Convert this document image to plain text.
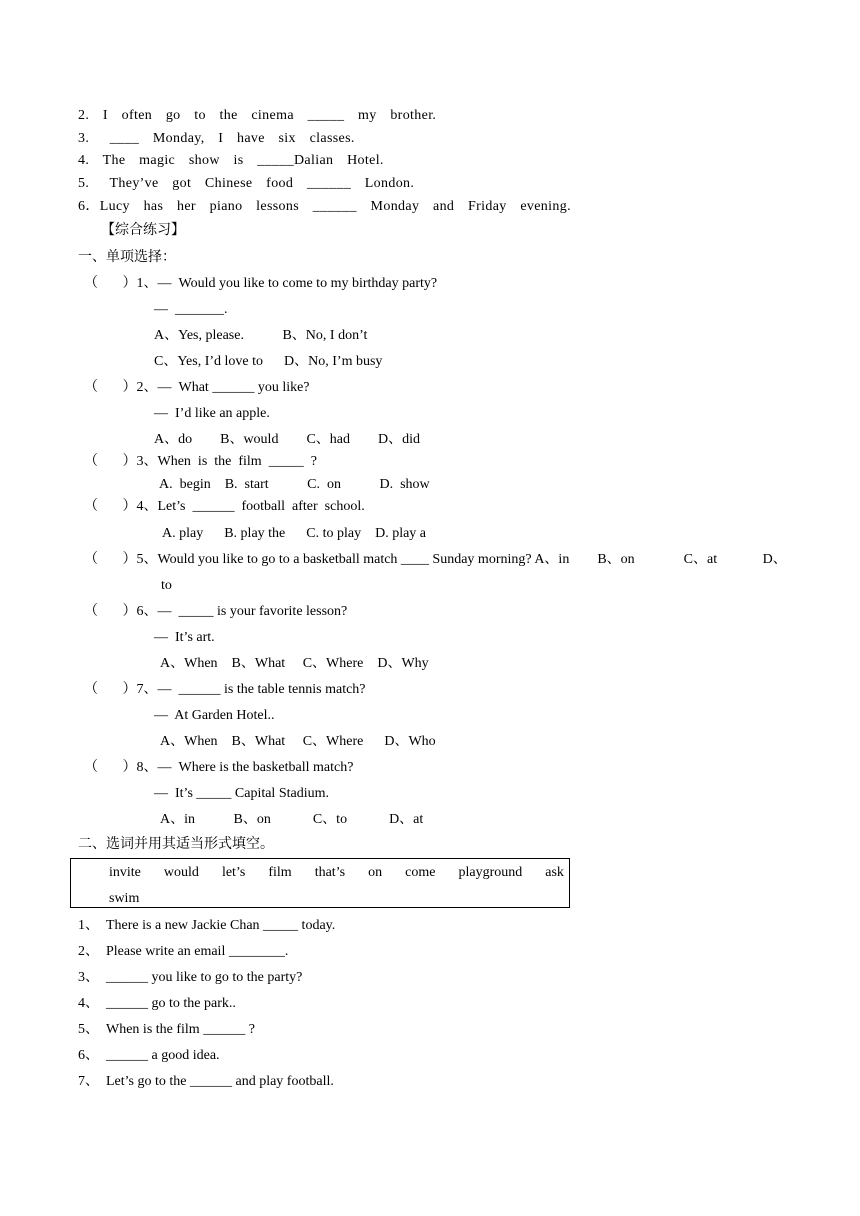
2.  I  often  go  to  the  cinema  _____  my  brother.
3.   ____  Monday,  I  have  six  classes.
4.  The  magic  show  is  _____Dalian  Hotel.
5.   They’ve  got  Chinese  food  ______  London.
6．Lucy  has  her  piano  lessons  ______  Monday  and  Friday  evening.
【综合练习】
一、单项选择：
（       ）1、—  Would you like to come to my birthday party?
—  _______.
A、Yes, please.           B、No, I don’t
C、Yes, I’d love to      D、No, I’m busy
（       ）2、—  What ______ you like?
—  I’d like an apple.
A、do        B、would        C、had        D、did
（       ）3、When  is  the  film  _____  ?
A.  begin    B.  start           C.  on           D.  show
（       ）4、Let’s  ______  football  after  school.
A. play      B. play the      C. to play    D. play a
（       ）5、Would you like to go to a basketball match ____ Sunday morning? A、in        B、on              C、at             D、
to
（       ）6、—  _____ is your favorite lesson?
—  It’s art.
A、When    B、What     C、Where    D、Why
（       ）7、—  ______ is the table tennis match?
—  At Garden Hotel..
A、When    B、What     C、Where      D、Who
（       ）8、—  Where is the basketball match?
—  It’s _____ Capital Stadium.
A、in           B、on            C、to            D、at
二、选词并用其适当形式填空。
invite would let’s film that’s on come playground ask
swim
1、  There is a new Jackie Chan _____ today.
2、  Please write an email ________.
3、  ______ you like to go to the party?
4、  ______ go to the park..
5、  When is the film ______ ?
6、  ______ a good idea.
7、  Let’s go to the ______ and play football.
